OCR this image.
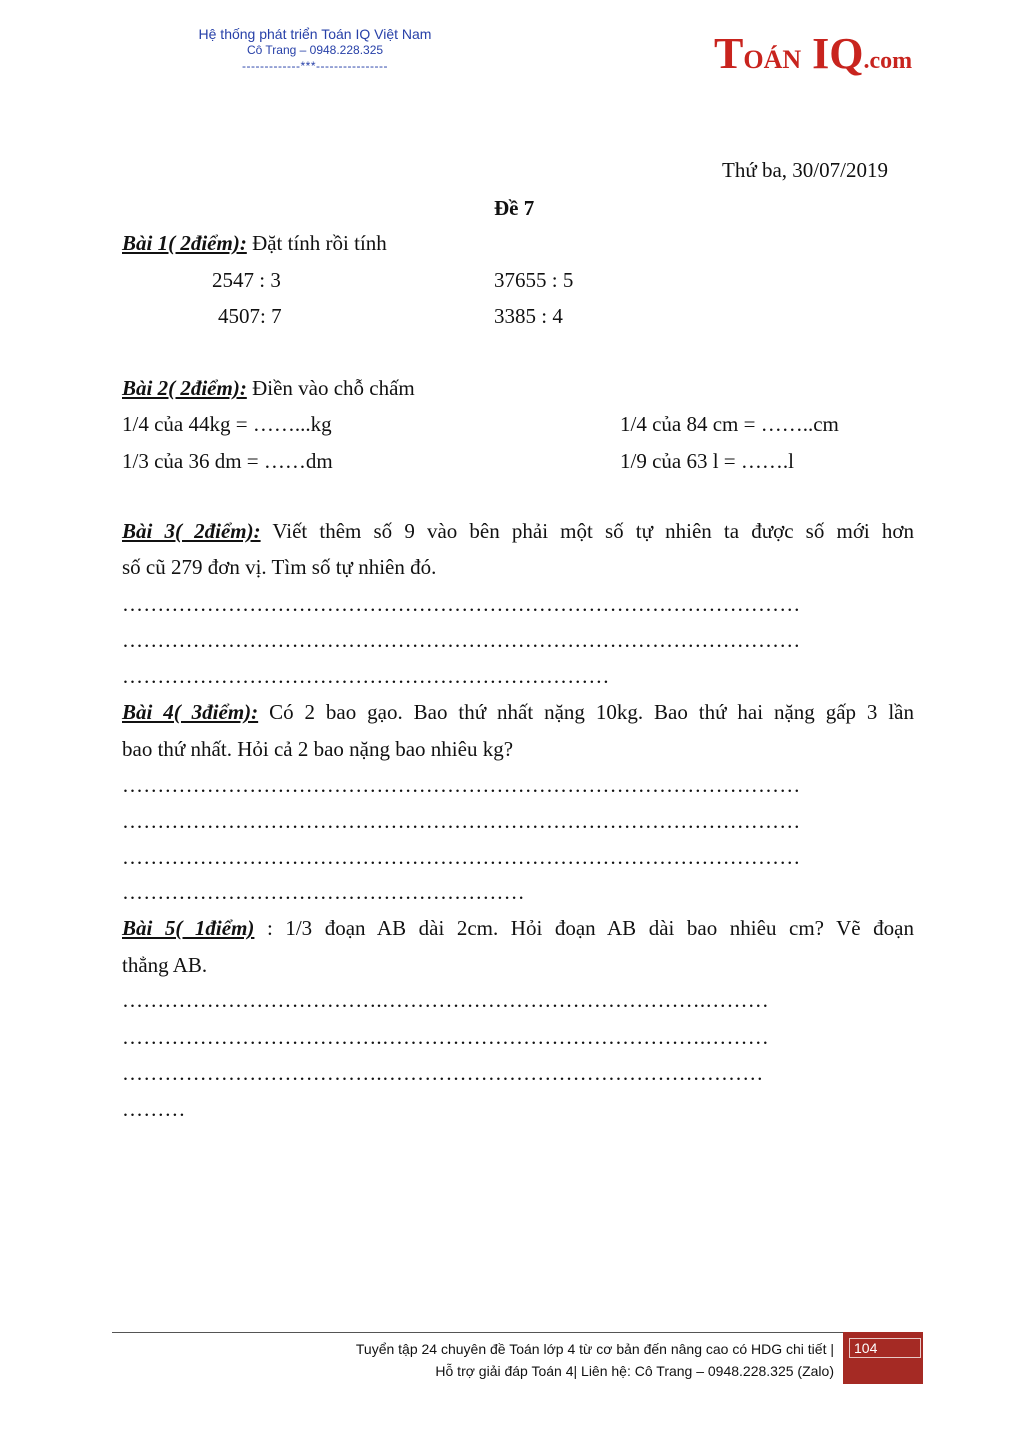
Hệ thống phát triển Toán IQ Việt Nam
Cô Trang – 0948.228.325
-------------***----------------	TOÁN IQ.com
Thứ ba, 30/07/2019
Đề 7
Bài 1( 2điểm): Đặt tính rồi tính
2547 : 3	37655 : 5
4507: 7	3385 : 4
Bài 2( 2điểm): Điền vào chỗ chấm
1/4 của 44kg = ……...kg	1/4 của 84 cm = ……..cm
1/3 của 36 dm = ……dm	1/9 của 63 l = …….l
Bài 3( 2điểm): Viết thêm số 9 vào bên phải một số tự nhiên ta được số mới hơn
số cũ 279 đơn vị. Tìm số tự nhiên đó.
……………………………………………………………………………………
……………………………………………………………………………………
……………………………………………………………
Bài 4( 3điểm): Có 2 bao gạo. Bao thứ nhất nặng 10kg. Bao thứ hai nặng gấp 3 lần
bao thứ nhất. Hỏi cả 2 bao nặng bao nhiêu kg?
……………………………………………………………………………………
……………………………………………………………………………………
……………………………………………………………………………………
…………………………………………………
Bài 5( 1điểm) : 1/3 đoạn AB dài 2cm. Hỏi đoạn AB dài bao nhiêu cm? Vẽ đoạn
thẳng AB.
……………………………….……………………………………….………
……………………………….……………………………………….………
……………………………….………………………………………………
………
Tuyển tập 24 chuyên đề Toán lớp 4 từ cơ bản đến nâng cao có HDG chi tiết |
Hỗ trợ giải đáp Toán 4| Liên hệ: Cô Trang – 0948.228.325 (Zalo)
104
